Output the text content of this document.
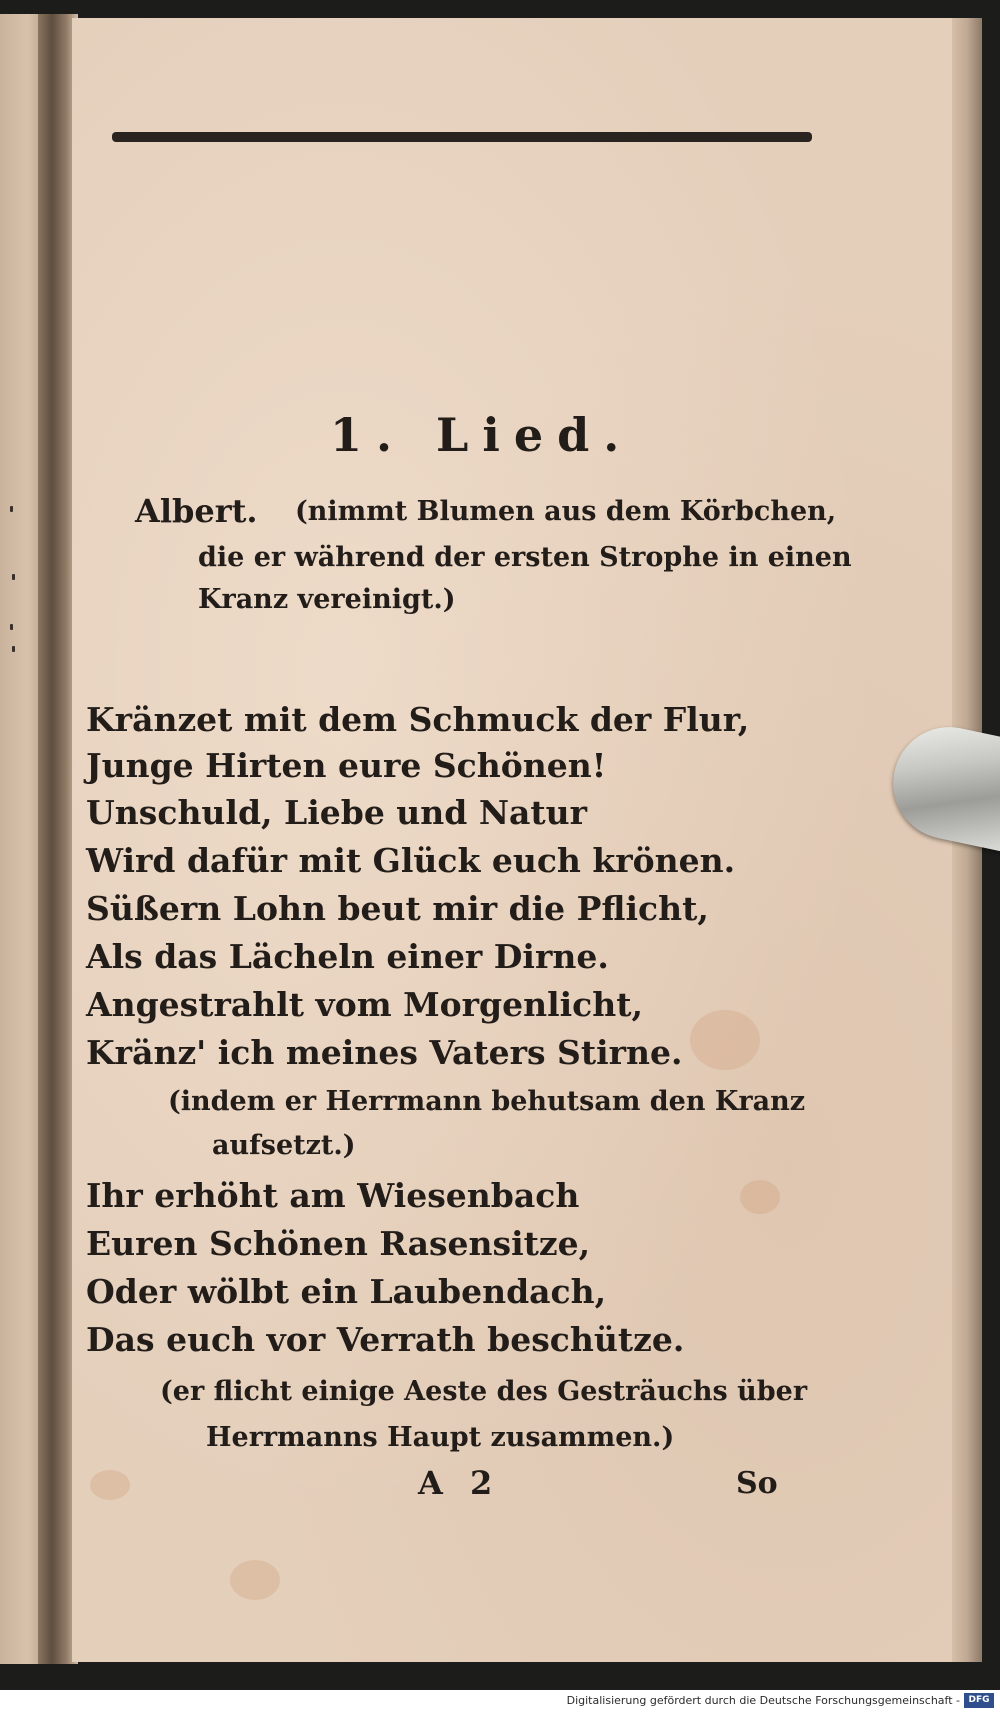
1. Lied.
Albert. (nimmt Blumen aus dem Körbchen,
die er während der ersten Strophe in einen
Kranz vereinigt.)
Kränzet mit dem Schmuck der Flur,
Junge Hirten eure Schönen!
Unschuld, Liebe und Natur
Wird dafür mit Glück euch krönen.
Süßern Lohn beut mir die Pflicht,
Als das Lächeln einer Dirne.
Angestrahlt vom Morgenlicht,
Kränz' ich meines Vaters Stirne.
(indem er Herrmann behutsam den Kranz
aufsetzt.)
Ihr erhöht am Wiesenbach
Euren Schönen Rasensitze,
Oder wölbt ein Laubendach,
Das euch vor Verrath beschütze.
(er flicht einige Aeste des Gesträuchs über
Herrmanns Haupt zusammen.)
A 2	So
Digitalisierung gefördert durch die Deutsche Forschungsgemeinschaft - DFG
